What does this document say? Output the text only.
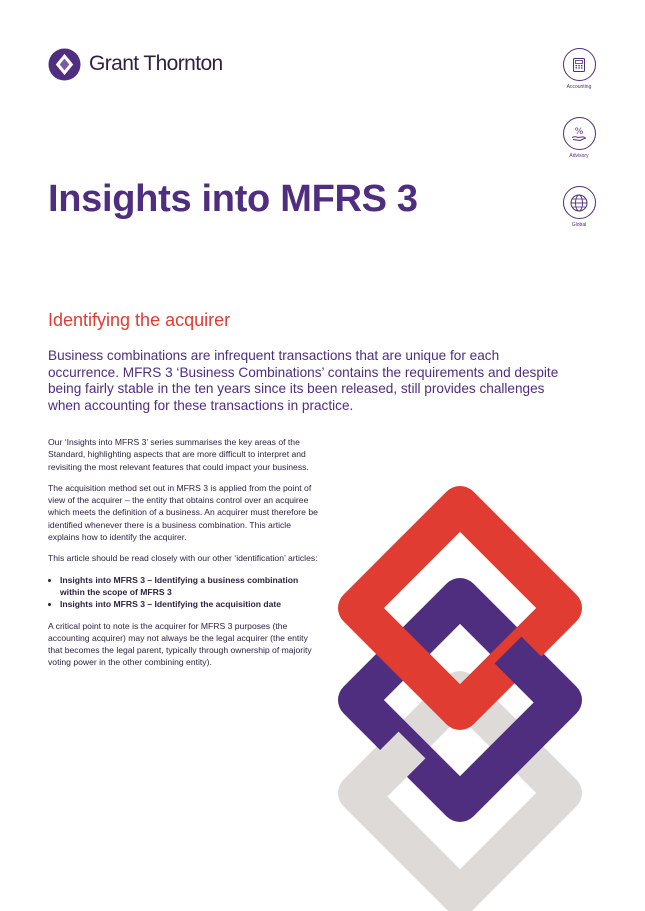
Grant Thornton
Accounting
%
Advisory
Global
Insights into MFRS 3
Identifying the acquirer

Business combinations are infrequent transactions that are unique for each occurrence. MFRS 3 ‘Business Combinations’ contains the requirements and despite being fairly stable in the ten years since its been released, still provides challenges when accounting for these transactions in practice.

Our ‘Insights into MFRS 3’ series summarises the key areas of the Standard, highlighting aspects that are more difficult to interpret and revisiting the most relevant features that could impact your business.

The acquisition method set out in MFRS 3 is applied from the point of view of the acquirer – the entity that obtains control over an acquiree which meets the definition of a business. An acquirer must therefore be identified whenever there is a business combination. This article explains how to identify the acquirer.

This article should be read closely with our other ‘identification’ articles:

• Insights into MFRS 3 – Identifying a business combination within the scope of MFRS 3
• Insights into MFRS 3 – Identifying the acquisition date

A critical point to note is the acquirer for MFRS 3 purposes (the accounting acquirer) may not always be the legal acquirer (the entity that becomes the legal parent, typically through ownership of majority voting power in the other combining entity).
